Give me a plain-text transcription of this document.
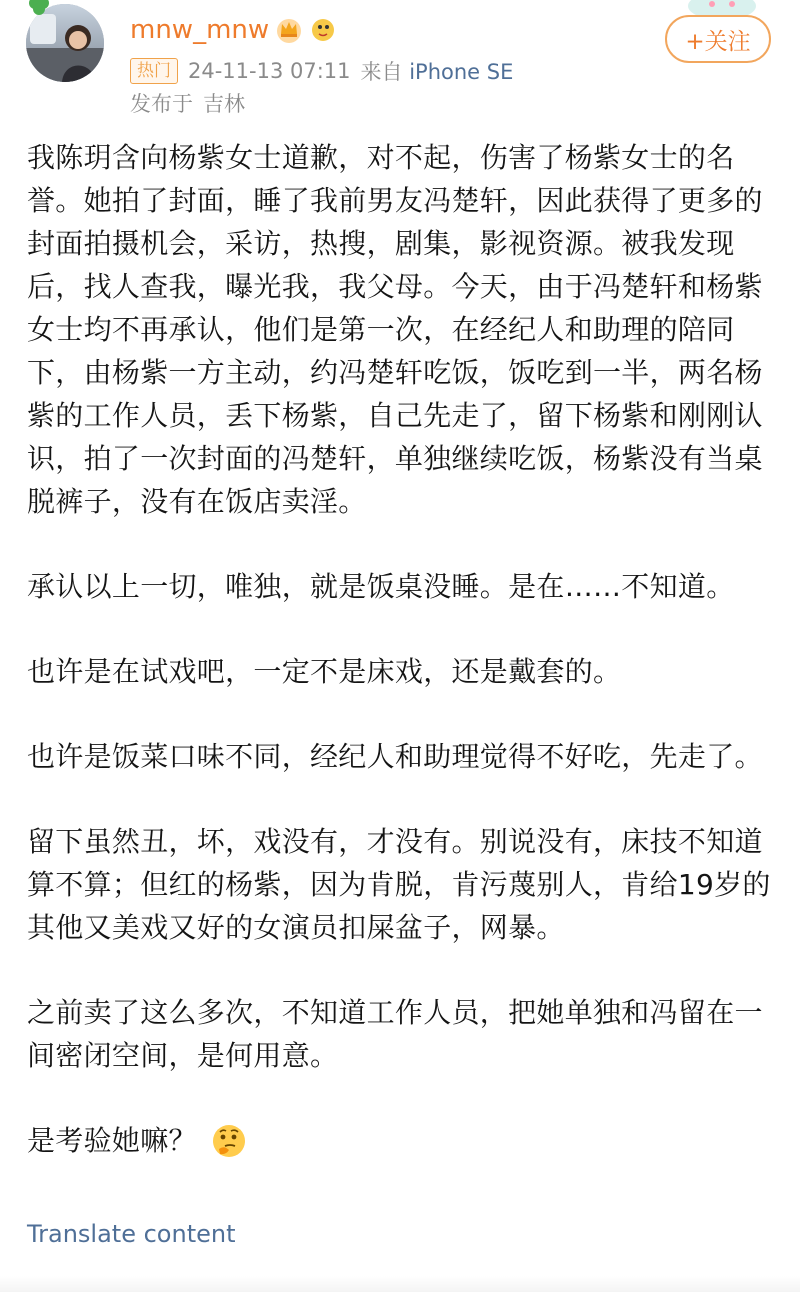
mnw_mnw
热门 24-11-13 07:11 来自 iPhone SE
发布于 吉林
+关注

我陈玥含向杨紫女士道歉，对不起，伤害了杨紫女士的名誉。她拍了封面，睡了我前男友冯楚轩，因此获得了更多的封面拍摄机会，采访，热搜，剧集，影视资源。被我发现后，找人查我，曝光我，我父母。今天，由于冯楚轩和杨紫女士均不再承认，他们是第一次，在经纪人和助理的陪同下，由杨紫一方主动，约冯楚轩吃饭，饭吃到一半，两名杨紫的工作人员，丢下杨紫，自己先走了，留下杨紫和刚刚认识，拍了一次封面的冯楚轩，单独继续吃饭，杨紫没有当桌脱裤子，没有在饭店卖淫。

承认以上一切，唯独，就是饭桌没睡。是在……不知道。

也许是在试戏吧，一定不是床戏，还是戴套的。

也许是饭菜口味不同，经纪人和助理觉得不好吃，先走了。

留下虽然丑，坏，戏没有，才没有。别说没有，床技不知道算不算；但红的杨紫，因为肯脱，肯污蔑别人，肯给19岁的其他又美戏又好的女演员扣屎盆子，网暴。

之前卖了这么多次，不知道工作人员，把她单独和冯留在一间密闭空间，是何用意。

是考验她嘛？

Translate content
